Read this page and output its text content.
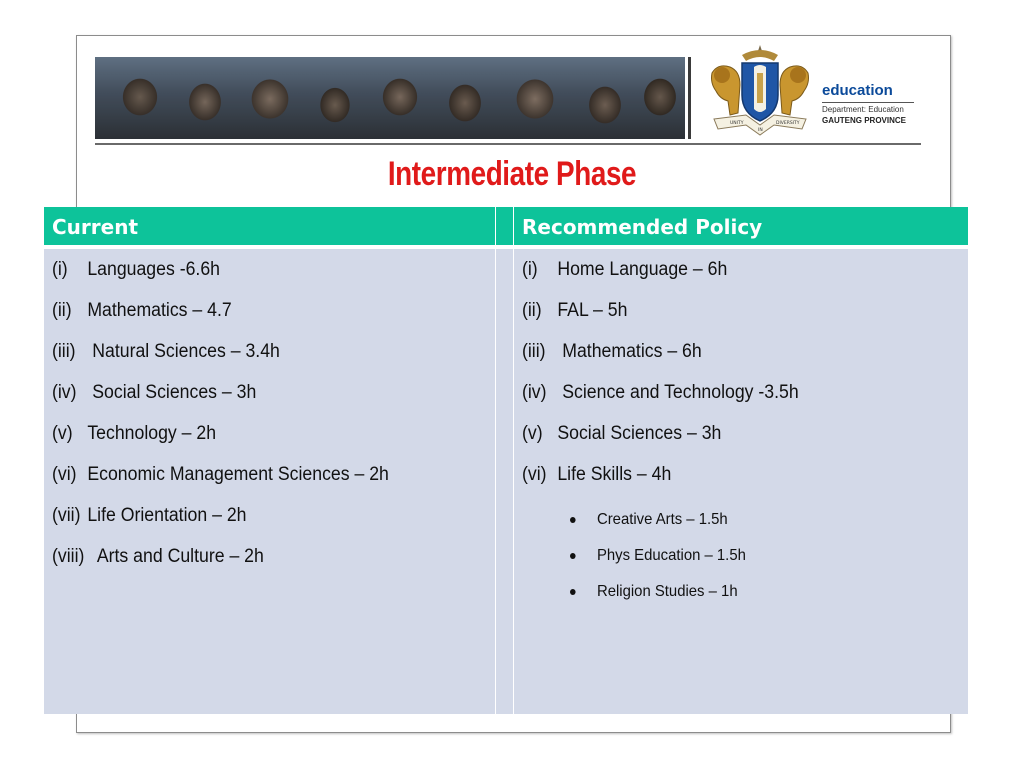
UNITY
IN
DIVERSITY
education
Department: Education
GAUTENG PROVINCE
Intermediate Phase
Current
(i)	Languages -6.6h
(ii) Mathematics – 4.7
(iii) Natural Sciences – 3.4h
(iv) Social Sciences – 3h
(v) Technology – 2h
(vi) Economic Management Sciences – 2h
(vii) Life Orientation – 2h
(viii) Arts and Culture – 2h
Recommended Policy
(i)	Home Language – 6h
(ii) FAL – 5h
(iii) Mathematics – 6h
(iv) Science and Technology -3.5h
(v) Social Sciences – 3h
(vi) Life Skills – 4h
Creative Arts – 1.5h
Phys Education – 1.5h
Religion Studies – 1h
